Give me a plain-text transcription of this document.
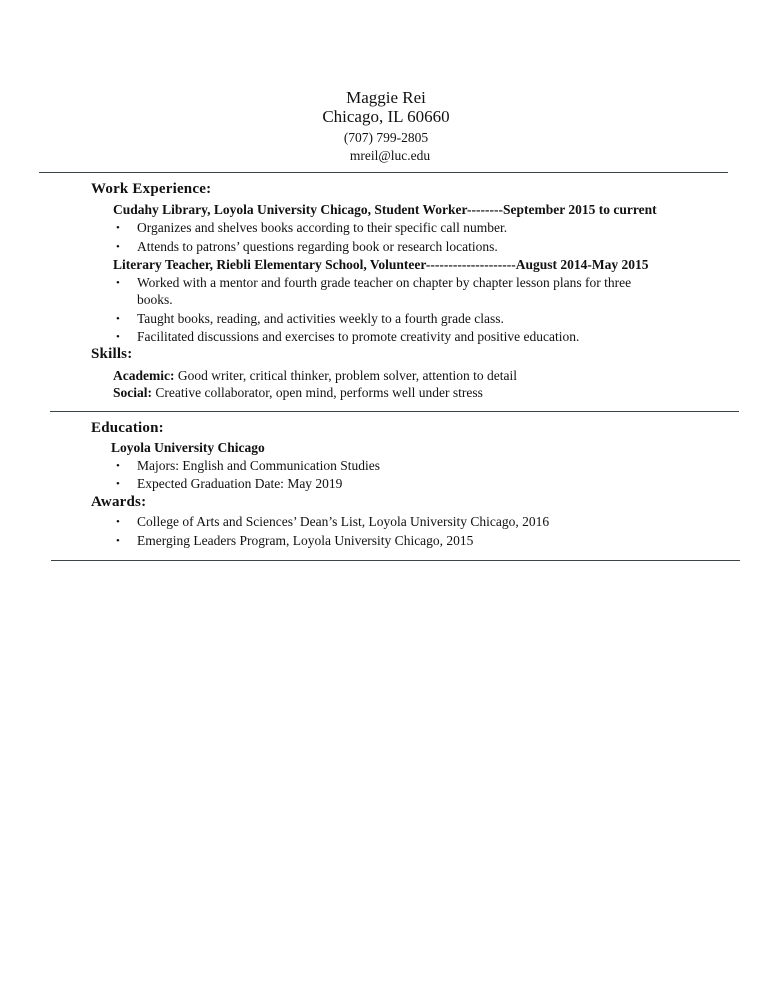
Maggie Rei
Chicago, IL 60660
(707) 799-2805
mreil@luc.edu
Work Experience:
Cudahy Library, Loyola University Chicago, Student Worker--------September 2015 to current
• Organizes and shelves books according to their specific call number.
• Attends to patrons’ questions regarding book or research locations.
Literary Teacher, Riebli Elementary School, Volunteer--------------------August 2014-May 2015
• Worked with a mentor and fourth grade teacher on chapter by chapter lesson plans for three
books.
• Taught books, reading, and activities weekly to a fourth grade class.
• Facilitated discussions and exercises to promote creativity and positive education.
Skills:
Academic: Good writer, critical thinker, problem solver, attention to detail
Social: Creative collaborator, open mind, performs well under stress
Education:
Loyola University Chicago
• Majors: English and Communication Studies
• Expected Graduation Date: May 2019
Awards:
• College of Arts and Sciences’ Dean’s List, Loyola University Chicago, 2016
• Emerging Leaders Program, Loyola University Chicago, 2015
